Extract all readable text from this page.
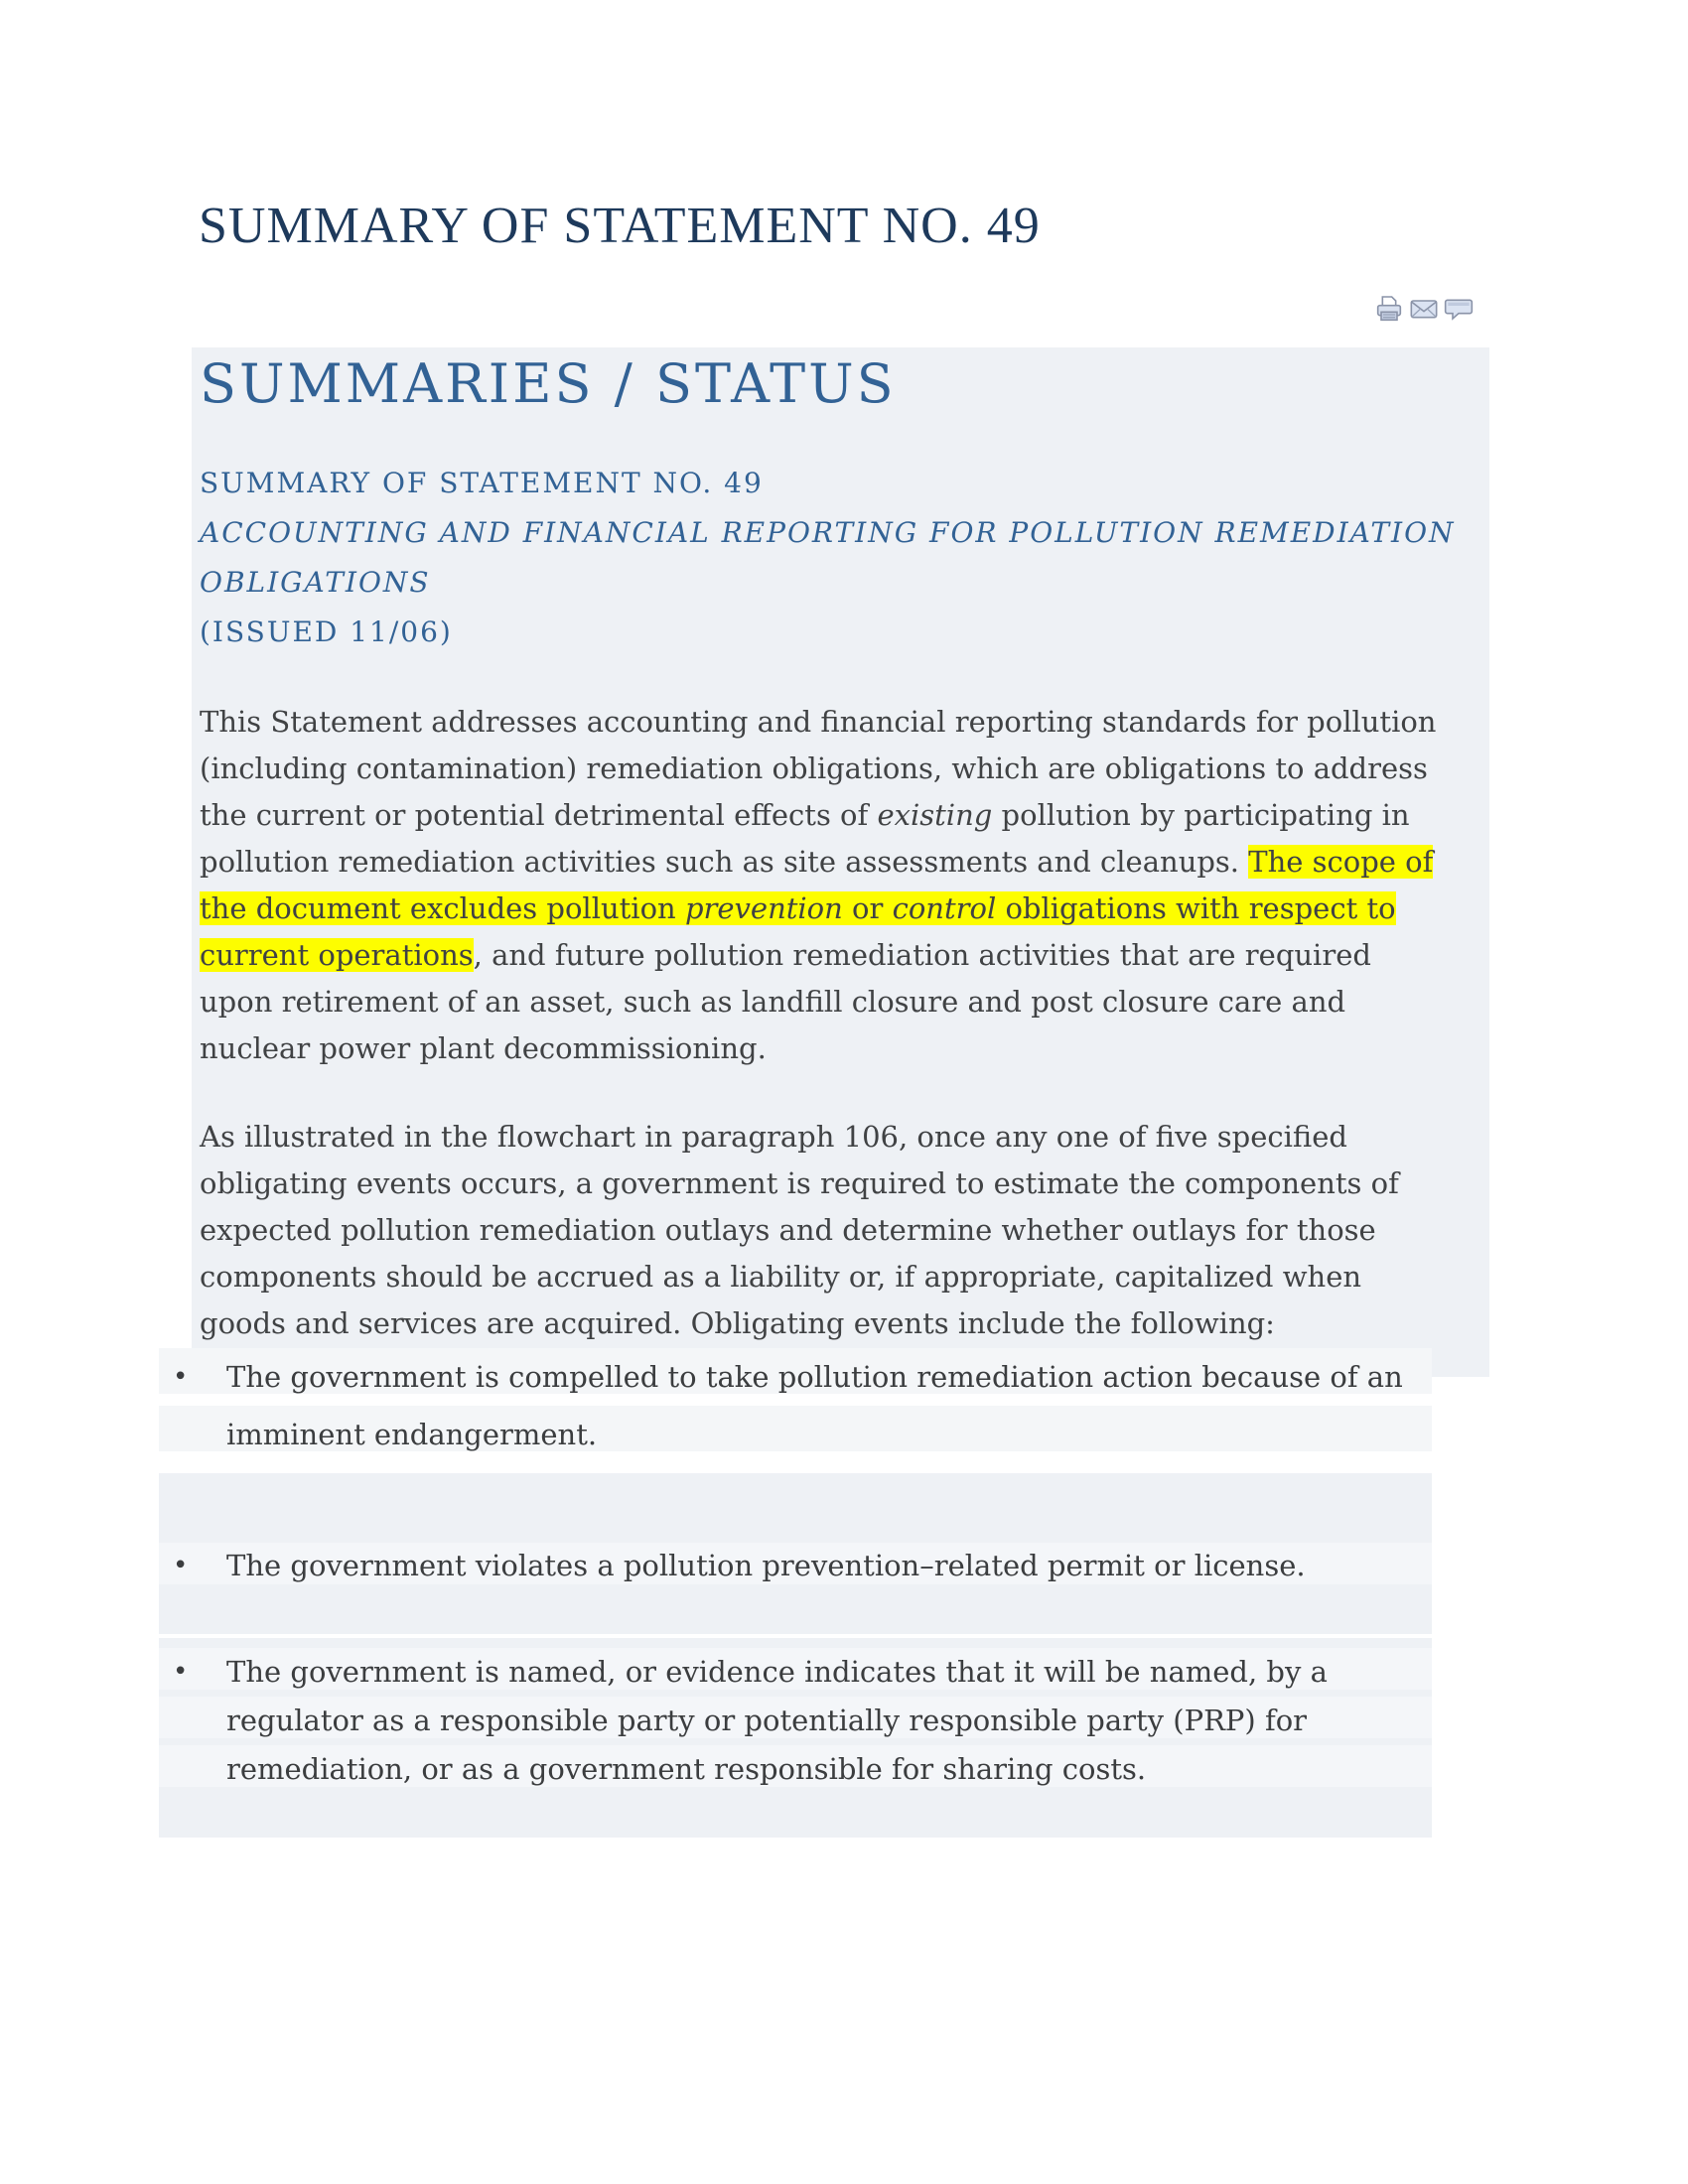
SUMMARY OF STATEMENT NO. 49
SUMMARIES / STATUS
SUMMARY OF STATEMENT NO. 49
ACCOUNTING AND FINANCIAL REPORTING FOR POLLUTION REMEDIATION OBLIGATIONS
(ISSUED 11/06)

This Statement addresses accounting and financial reporting standards for pollution (including contamination) remediation obligations, which are obligations to address the current or potential detrimental effects of existing pollution by participating in pollution remediation activities such as site assessments and cleanups. The scope of the document excludes pollution prevention or control obligations with respect to current operations, and future pollution remediation activities that are required upon retirement of an asset, such as landfill closure and post closure care and nuclear power plant decommissioning.

As illustrated in the flowchart in paragraph 106, once any one of five specified obligating events occurs, a government is required to estimate the components of expected pollution remediation outlays and determine whether outlays for those components should be accrued as a liability or, if appropriate, capitalized when goods and services are acquired. Obligating events include the following:

• The government is compelled to take pollution remediation action because of an imminent endangerment.
• The government violates a pollution prevention–related permit or license.
• The government is named, or evidence indicates that it will be named, by a regulator as a responsible party or potentially responsible party (PRP) for remediation, or as a government responsible for sharing costs.
